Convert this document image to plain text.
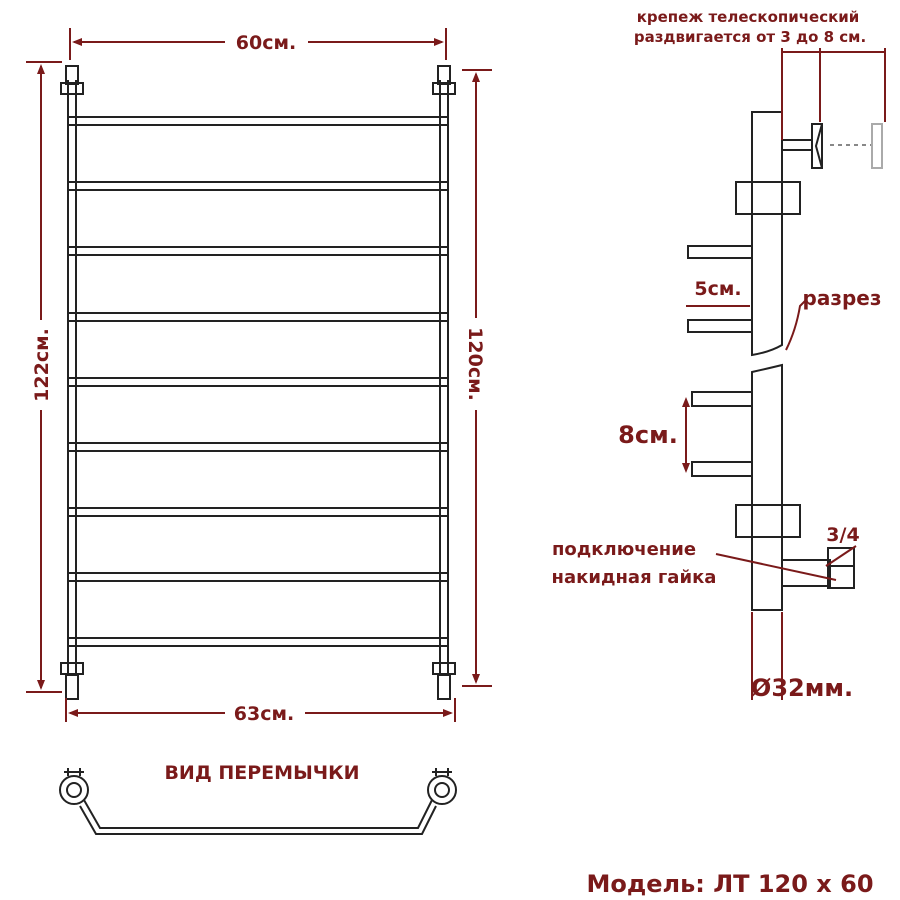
60см.
63см.
122см.	120см.
ВИД ПЕРЕМЫЧКИ
крепеж телескопический
раздвигается от 3 до 8 см.
5см.	разрез
8см.
3/4
подключение
накидная гайка
Ø32мм.
Модель: ЛТ 120 х 60
